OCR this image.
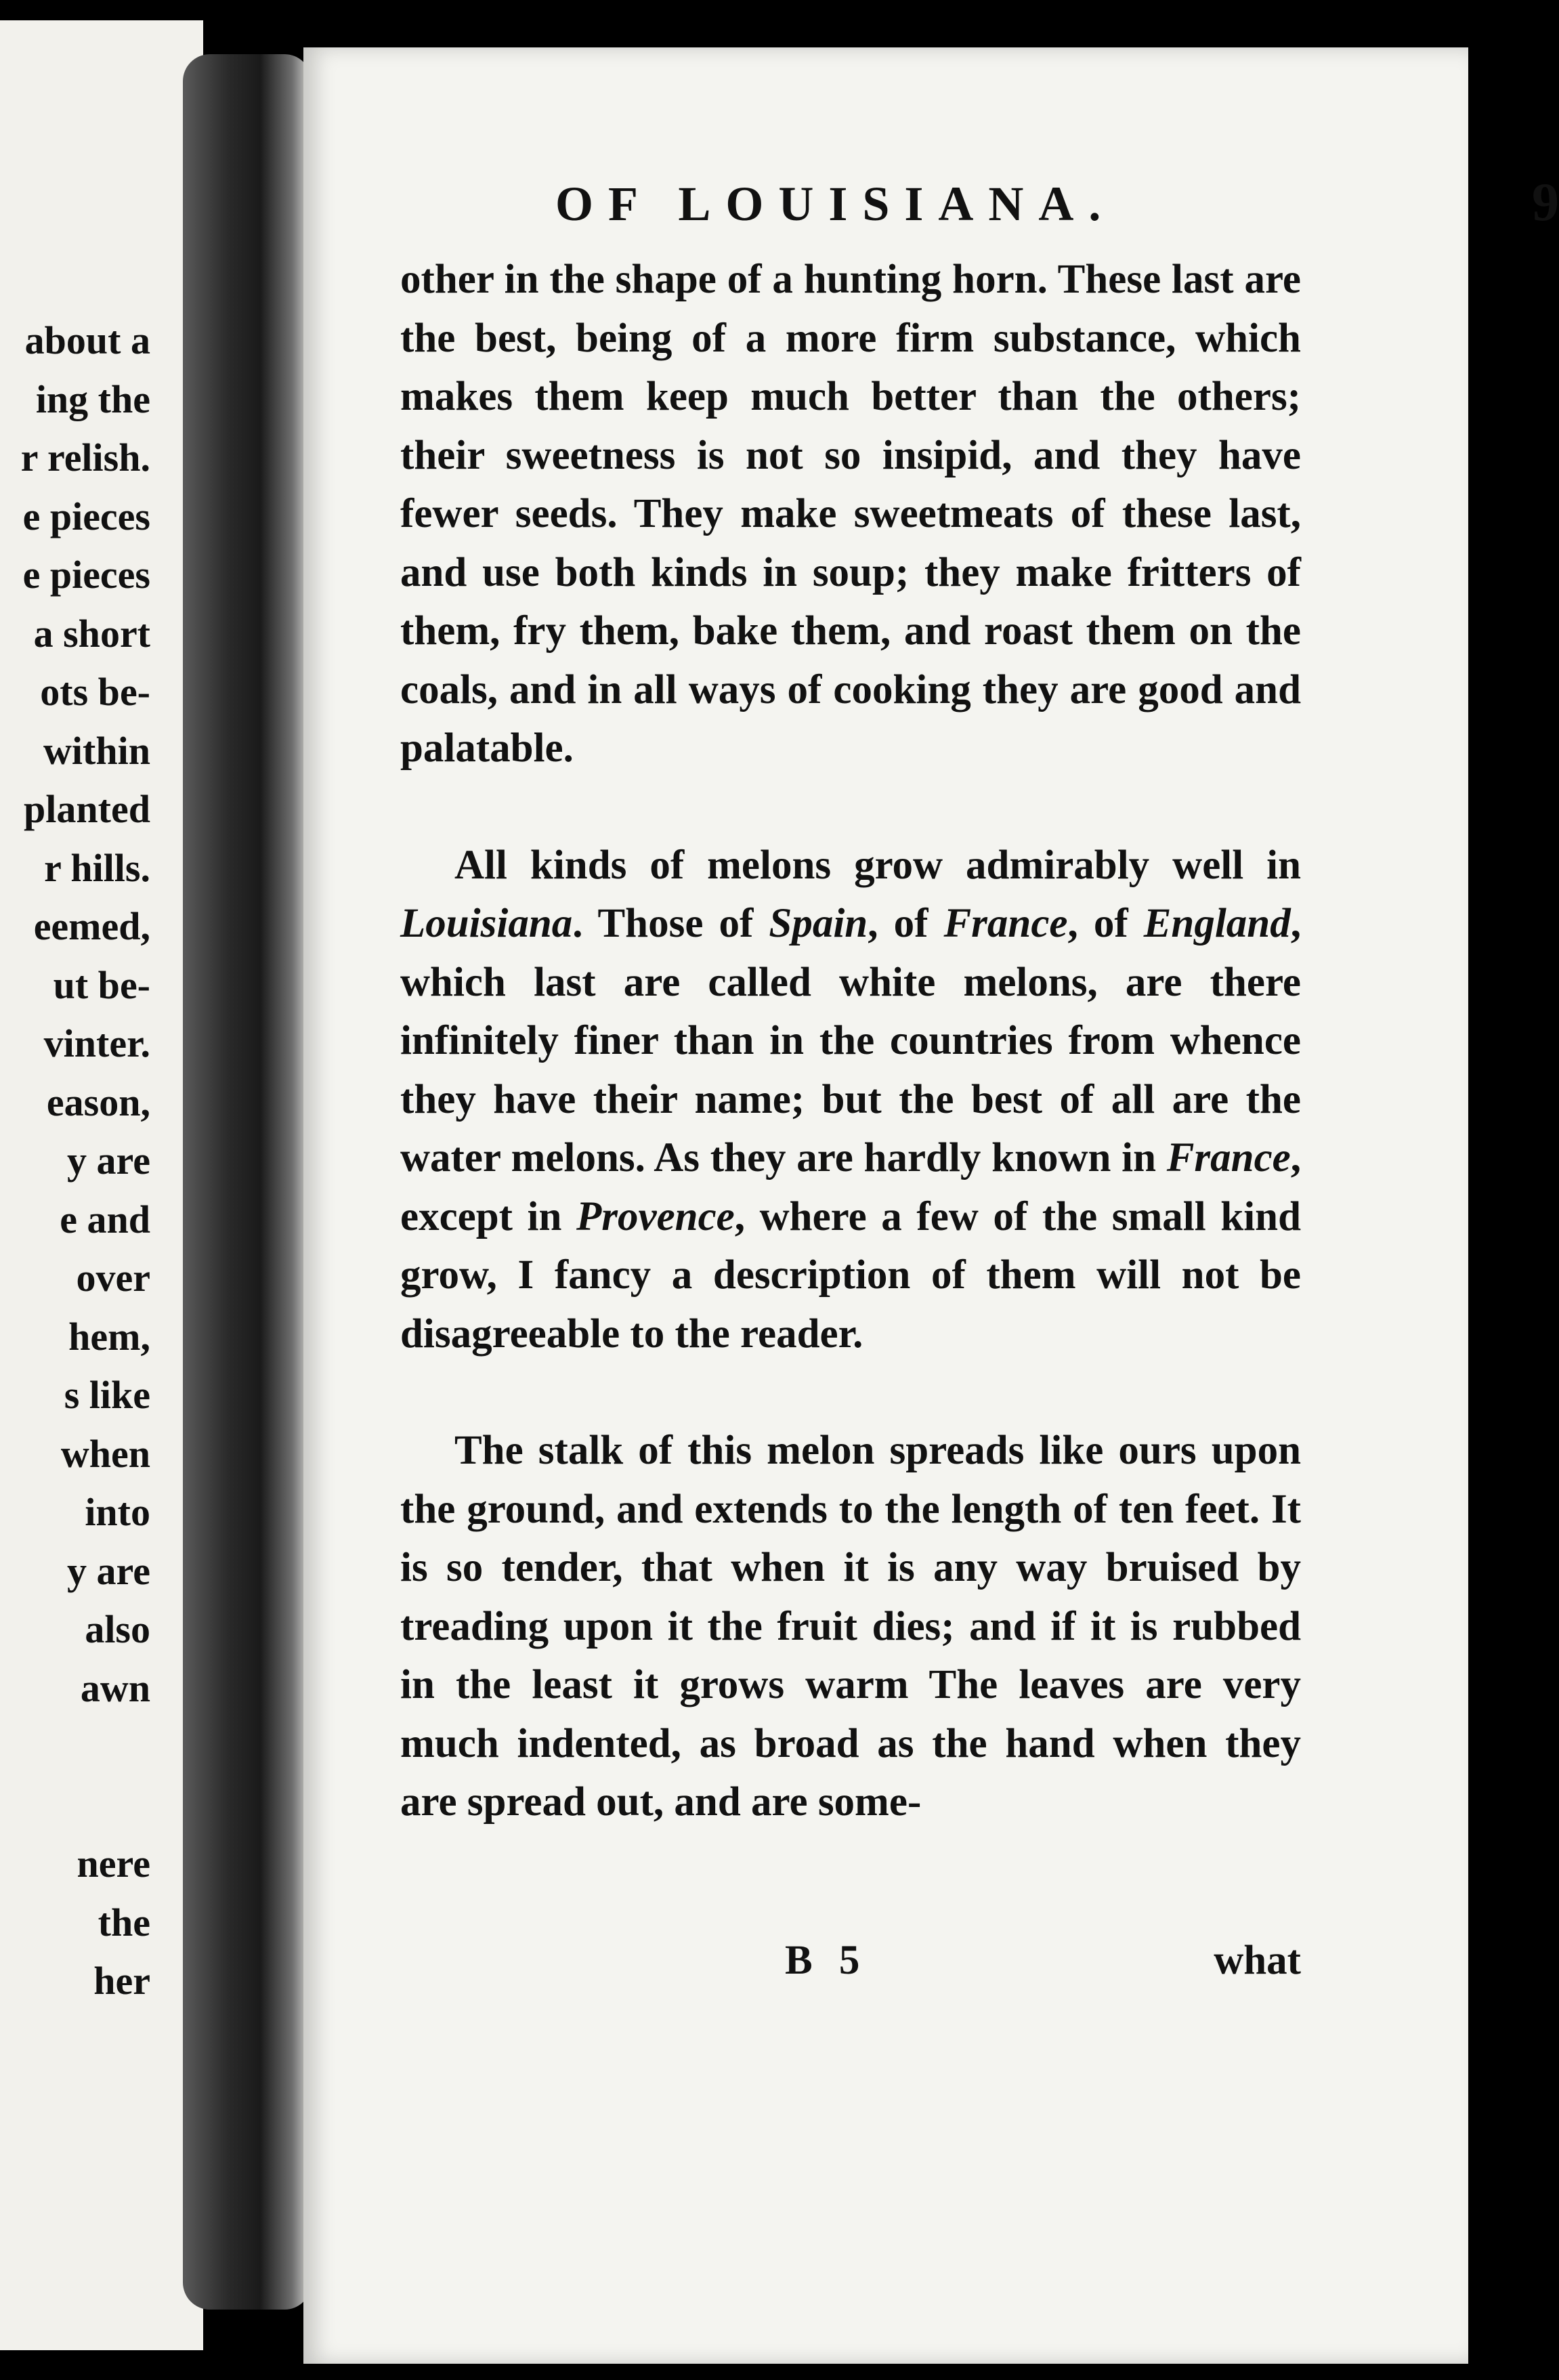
about a
ing the
r relish.
e pieces
e pieces
a short
ots be-
within
planted
r hills.
eemed,
ut be-
vinter.
eason,
y are
e and
over
hem,
s like
when
into
y are
also
awn
nere
the
her
OF LOUISIANA.	9

other in the shape of a hunting horn. These last are the best, being of a more firm substance, which makes them keep much better than the others; their sweetness is not so insipid, and they have fewer seeds. They make sweetmeats of these last, and use both kinds in soup; they make fritters of them, fry them, bake them, and roast them on the coals, and in all ways of cooking they are good and palatable.

All kinds of melons grow admirably well in Louisiana. Those of Spain, of France, of England, which last are called white melons, are there infinitely finer than in the countries from whence they have their name; but the best of all are the water melons. As they are hardly known in France, except in Provence, where a few of the small kind grow, I fancy a description of them will not be disagreeable to the reader.

The stalk of this melon spreads like ours upon the ground, and extends to the length of ten feet. It is so tender, that when it is any way bruised by treading upon it the fruit dies; and if it is rubbed in the least it grows warm The leaves are very much indented, as broad as the hand when they are spread out, and are some-

B 5	what
